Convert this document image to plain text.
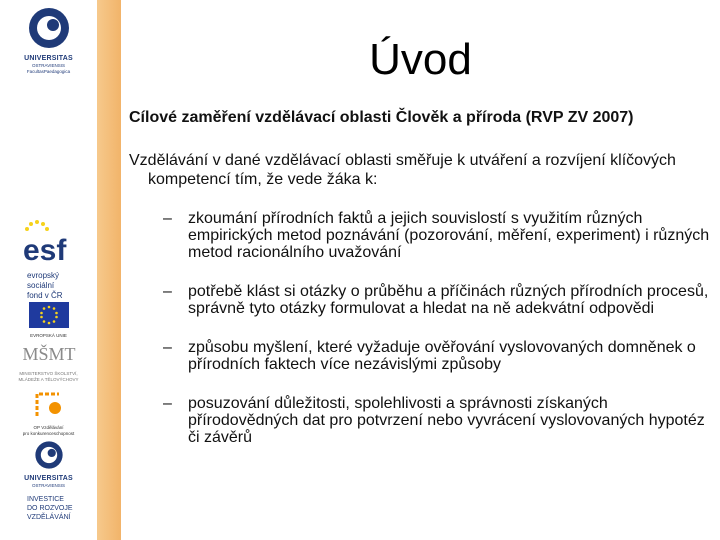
UNIVERSITAS
OSTRAVIENSIS
FacultasPaedagogica
esf
evropský
sociální
fond v ČR
EVROPSKÁ UNIE
MŠMT
MINISTERSTVO ŠKOLSTVÍ,
MLÁDEŽE A TĚLOVÝCHOVY
OP Vzdělávání
pro konkurenceschopnost
UNIVERSITAS
OSTRAVIENSIS
INVESTICE
DO ROZVOJE
VZDĚLÁVÁNÍ
Úvod
Cílové zaměření vzdělávací oblasti Člověk a příroda (RVP ZV 2007)
Vzdělávání v dané vzdělávací oblasti směřuje k utváření a rozvíjení klíčových kompetencí tím, že vede žáka k:
– zkoumání přírodních faktů a jejich souvislostí s využitím různých empirických metod poznávání (pozorování, měření, experiment) i různých metod racionálního uvažování
– potřebě klást si otázky o průběhu a příčinách různých přírodních procesů, správně tyto otázky formulovat a hledat na ně adekvátní odpovědi
– způsobu myšlení, které vyžaduje ověřování vyslovovaných domněnek o přírodních faktech více nezávislými způsoby
– posuzování důležitosti, spolehlivosti a správnosti získaných přírodovědných dat pro potvrzení nebo vyvrácení vyslovovaných hypotéz či závěrů
